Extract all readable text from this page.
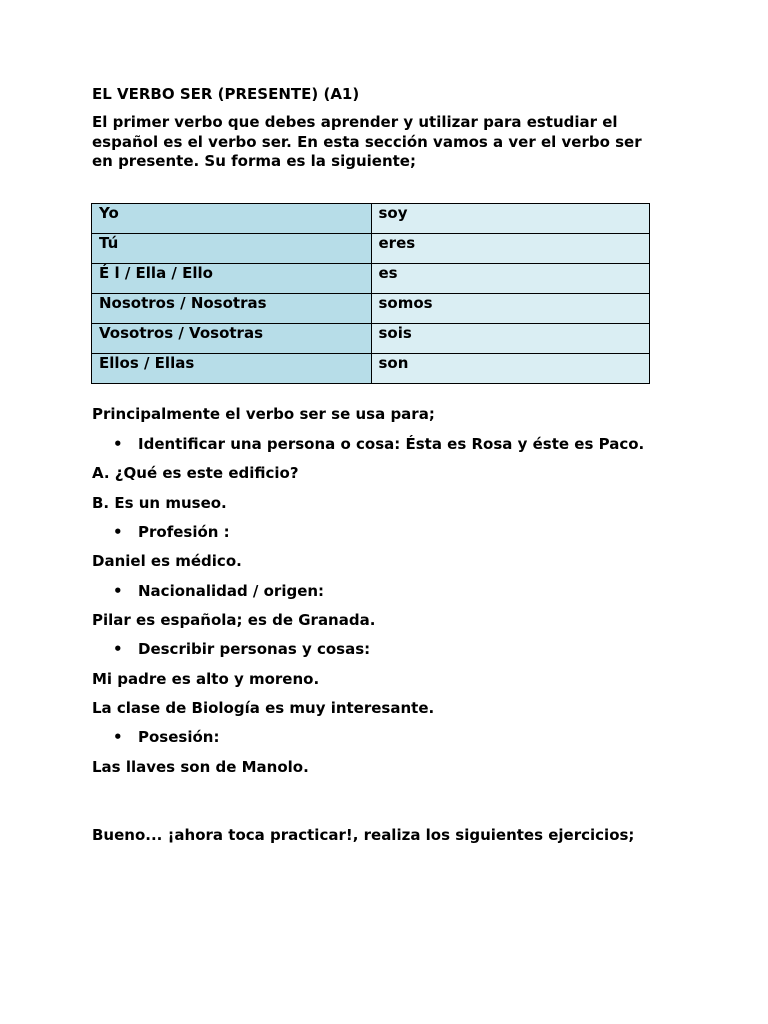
EL VERBO SER (PRESENTE) (A1)
El primer verbo que debes aprender y utilizar para estudiar el
español es el verbo ser. En esta sección vamos a ver el verbo ser
en presente. Su forma es la siguiente;
Yo	soy
Tú	eres
É l / Ella / Ello	es
Nosotros / Nosotras	somos
Vosotros / Vosotras	sois
Ellos / Ellas	son
Principalmente el verbo ser se usa para;
• Identificar una persona o cosa: Ésta es Rosa y éste es Paco.
A. ¿Qué es este edificio?
B. Es un museo.
• Profesión :
Daniel es médico.
• Nacionalidad / origen:
Pilar es española; es de Granada.
• Describir personas y cosas:
Mi padre es alto y moreno.
La clase de Biología es muy interesante.
• Posesión:
Las llaves son de Manolo.
Bueno... ¡ahora toca practicar!, realiza los siguientes ejercicios;
